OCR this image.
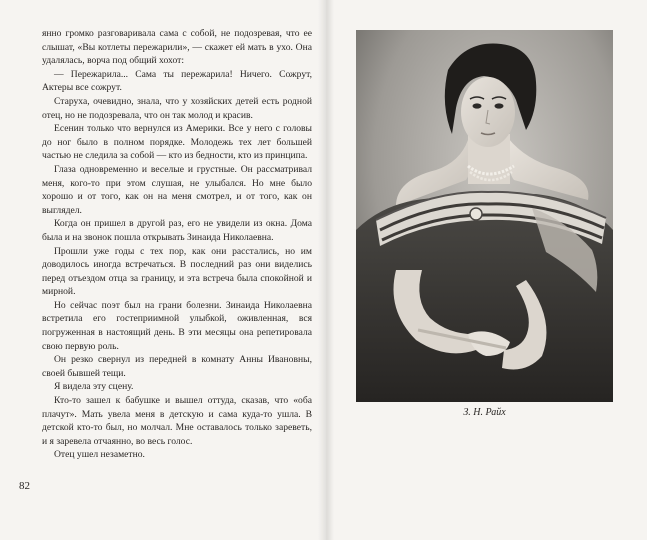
янно громко разговаривала сама с собой, не подозревая, что ее слышат, «Вы котлеты пережарили», — скажет ей мать в ухо. Она удалялась, ворча под общий хохот:

— Пережарила... Сама ты пережарила! Ничего. Сожрут, Актеры все сожрут.

Старуха, очевидно, знала, что у хозяйских детей есть родной отец, но не подозревала, что он так молод и красив.

Есенин только что вернулся из Америки. Все у него с головы до ног было в полном порядке. Молодежь тех лет большей частью не следила за собой — кто из бедности, кто из принципа.

Глаза одновременно и веселые и грустные. Он рассматривал меня, кого-то при этом слушая, не улыбался. Но мне было хорошо и от того, как он на меня смотрел, и от того, как он выглядел.

Когда он пришел в другой раз, его не увидели из окна. Дома была и на звонок пошла открывать Зинаида Николаевна.

Прошли уже годы с тех пор, как они расстались, но им доводилось иногда встречаться. В последний раз они виделись перед отъездом отца за границу, и эта встреча была спокойной и мирной.

Но сейчас поэт был на грани болезни. Зинаида Николаевна встретила его гостеприимной улыбкой, оживленная, вся погруженная в настоящий день. В эти месяцы она репетировала свою первую роль.

Он резко свернул из передней в комнату Анны Ивановны, своей бывшей тещи.

Я видела эту сцену.

Кто-то зашел к бабушке и вышел оттуда, сказав, что «оба плачут». Мать увела меня в детскую и сама куда-то ушла. В детской кто-то был, но молчал. Мне оставалось только зареветь, и я заревела отчаянно, во весь голос.

Отец ушел незаметно.

82
З. Н. Райх
